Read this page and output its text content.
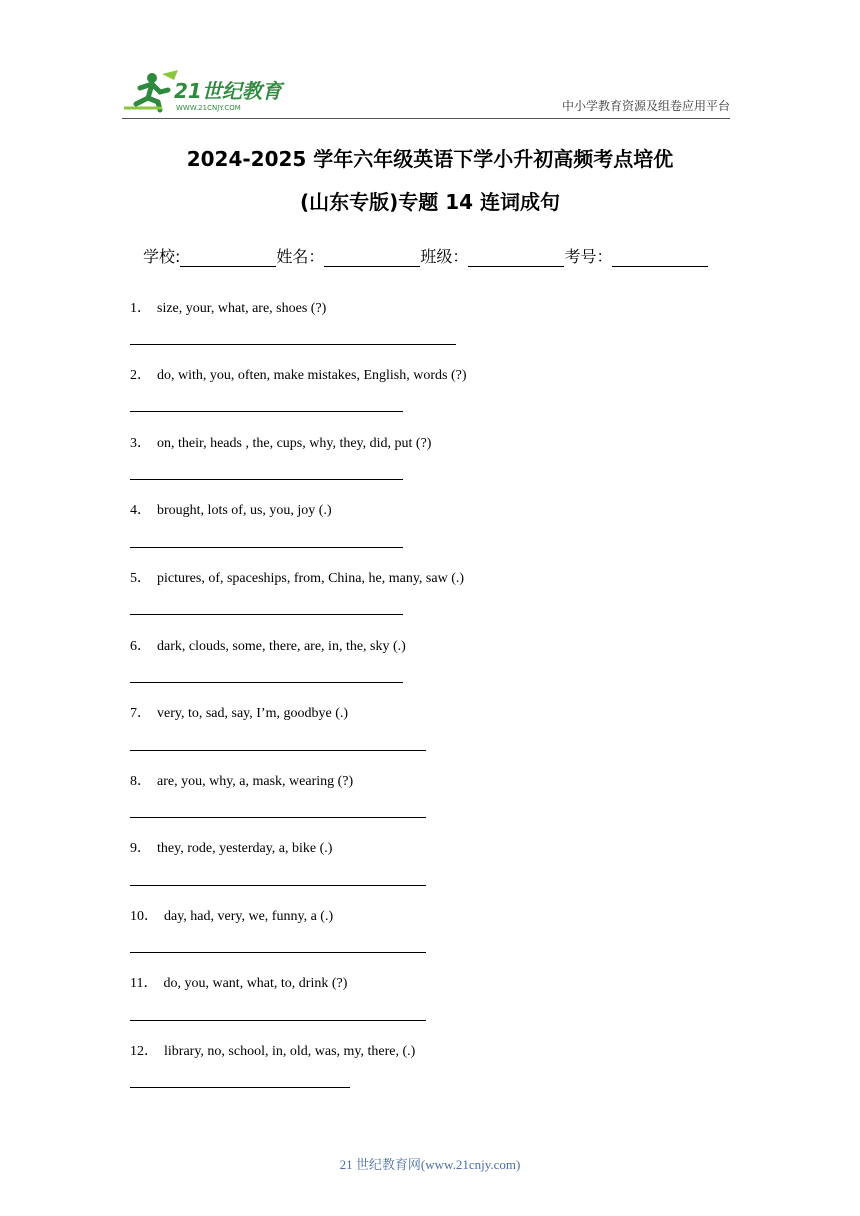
21世纪教育
WWW.21CNJY.COM	中小学教育资源及组卷应用平台
2024-2025 学年六年级英语下学小升初高频考点培优
(山东专版)专题 14 连词成句
学校:	姓名：	班级：	考号：
1． size, your, what, are, shoes (?)
2． do, with, you, often, make mistakes, English, words (?)
3． on, their, heads , the, cups, why, they, did, put (?)
4． brought, lots of, us, you, joy (.)
5． pictures, of, spaceships, from, China, he, many, saw (.)
6． dark, clouds, some, there, are, in, the, sky (.)
7． very, to, sad, say, I’m, goodbye (.)
8． are, you, why, a, mask, wearing (?)
9． they, rode, yesterday, a, bike (.)
10． day, had, very, we, funny, a (.)
11． do, you, want, what, to, drink (?)
12． library, no, school, in, old, was, my, there, (.)
21 世纪教育网(www.21cnjy.com)
